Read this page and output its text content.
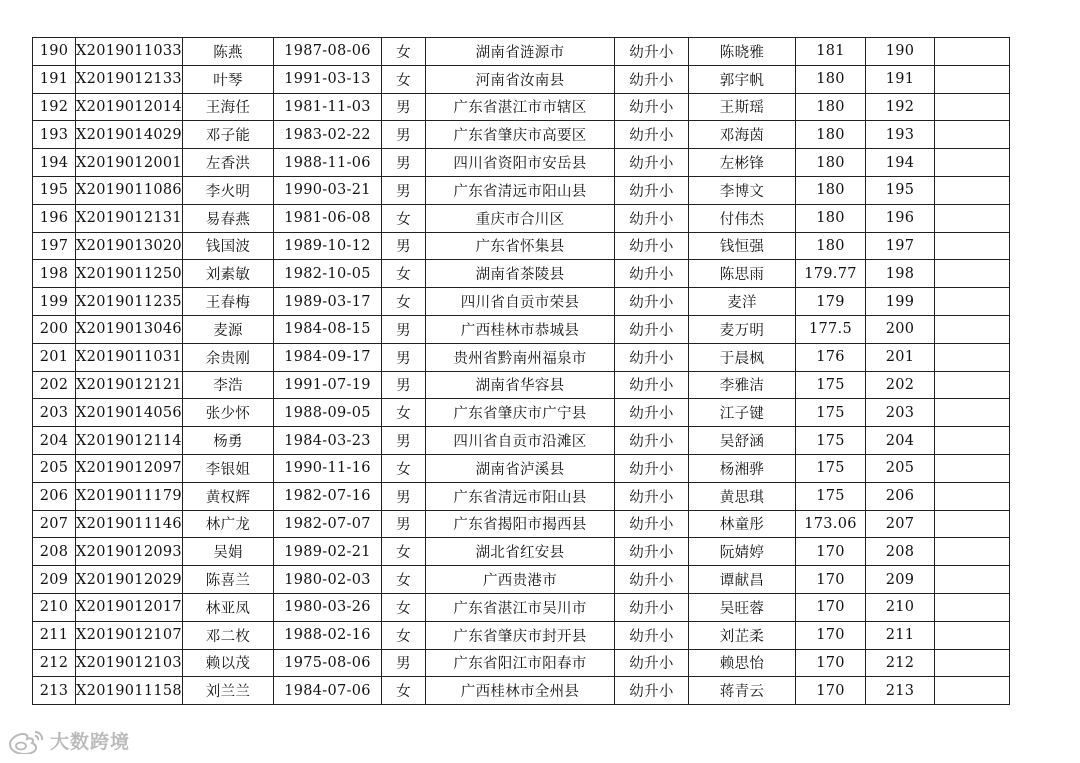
190	X2019011033	陈燕	1987-08-06	女	湖南省涟源市	幼升小	陈晓雅	181	190	
191	X2019012133	叶琴	1991-03-13	女	河南省汝南县	幼升小	郭宇帆	180	191	
192	X2019012014	王海任	1981-11-03	男	广东省湛江市市辖区	幼升小	王斯瑶	180	192	
193	X2019014029	邓子能	1983-02-22	男	广东省肇庆市高要区	幼升小	邓海茵	180	193	
194	X2019012001	左香洪	1988-11-06	男	四川省资阳市安岳县	幼升小	左彬锋	180	194	
195	X2019011086	李火明	1990-03-21	男	广东省清远市阳山县	幼升小	李博文	180	195	
196	X2019012131	易春燕	1981-06-08	女	重庆市合川区	幼升小	付伟杰	180	196	
197	X2019013020	钱国波	1989-10-12	男	广东省怀集县	幼升小	钱恒强	180	197	
198	X2019011250	刘素敏	1982-10-05	女	湖南省茶陵县	幼升小	陈思雨	179.77	198	
199	X2019011235	王春梅	1989-03-17	女	四川省自贡市荣县	幼升小	麦洋	179	199	
200	X2019013046	麦源	1984-08-15	男	广西桂林市恭城县	幼升小	麦万明	177.5	200	
201	X2019011031	余贵刚	1984-09-17	男	贵州省黔南州福泉市	幼升小	于晨枫	176	201	
202	X2019012121	李浩	1991-07-19	男	湖南省华容县	幼升小	李雅洁	175	202	
203	X2019014056	张少怀	1988-09-05	女	广东省肇庆市广宁县	幼升小	江子键	175	203	
204	X2019012114	杨勇	1984-03-23	男	四川省自贡市沿滩区	幼升小	吴舒涵	175	204	
205	X2019012097	李银姐	1990-11-16	女	湖南省泸溪县	幼升小	杨湘骅	175	205	
206	X2019011179	黄权辉	1982-07-16	男	广东省清远市阳山县	幼升小	黄思琪	175	206	
207	X2019011146	林广龙	1982-07-07	男	广东省揭阳市揭西县	幼升小	林童彤	173.06	207	
208	X2019012093	吴娟	1989-02-21	女	湖北省红安县	幼升小	阮婧婷	170	208	
209	X2019012029	陈喜兰	1980-02-03	女	广西贵港市	幼升小	谭献昌	170	209	
210	X2019012017	林亚凤	1980-03-26	女	广东省湛江市吴川市	幼升小	吴旺蓉	170	210	
211	X2019012107	邓二枚	1988-02-16	女	广东省肇庆市封开县	幼升小	刘芷柔	170	211	
212	X2019012103	赖以茂	1975-08-06	男	广东省阳江市阳春市	幼升小	赖思怡	170	212	
213	X2019011158	刘兰兰	1984-07-06	女	广西桂林市全州县	幼升小	蒋青云	170	213	
大数跨境
